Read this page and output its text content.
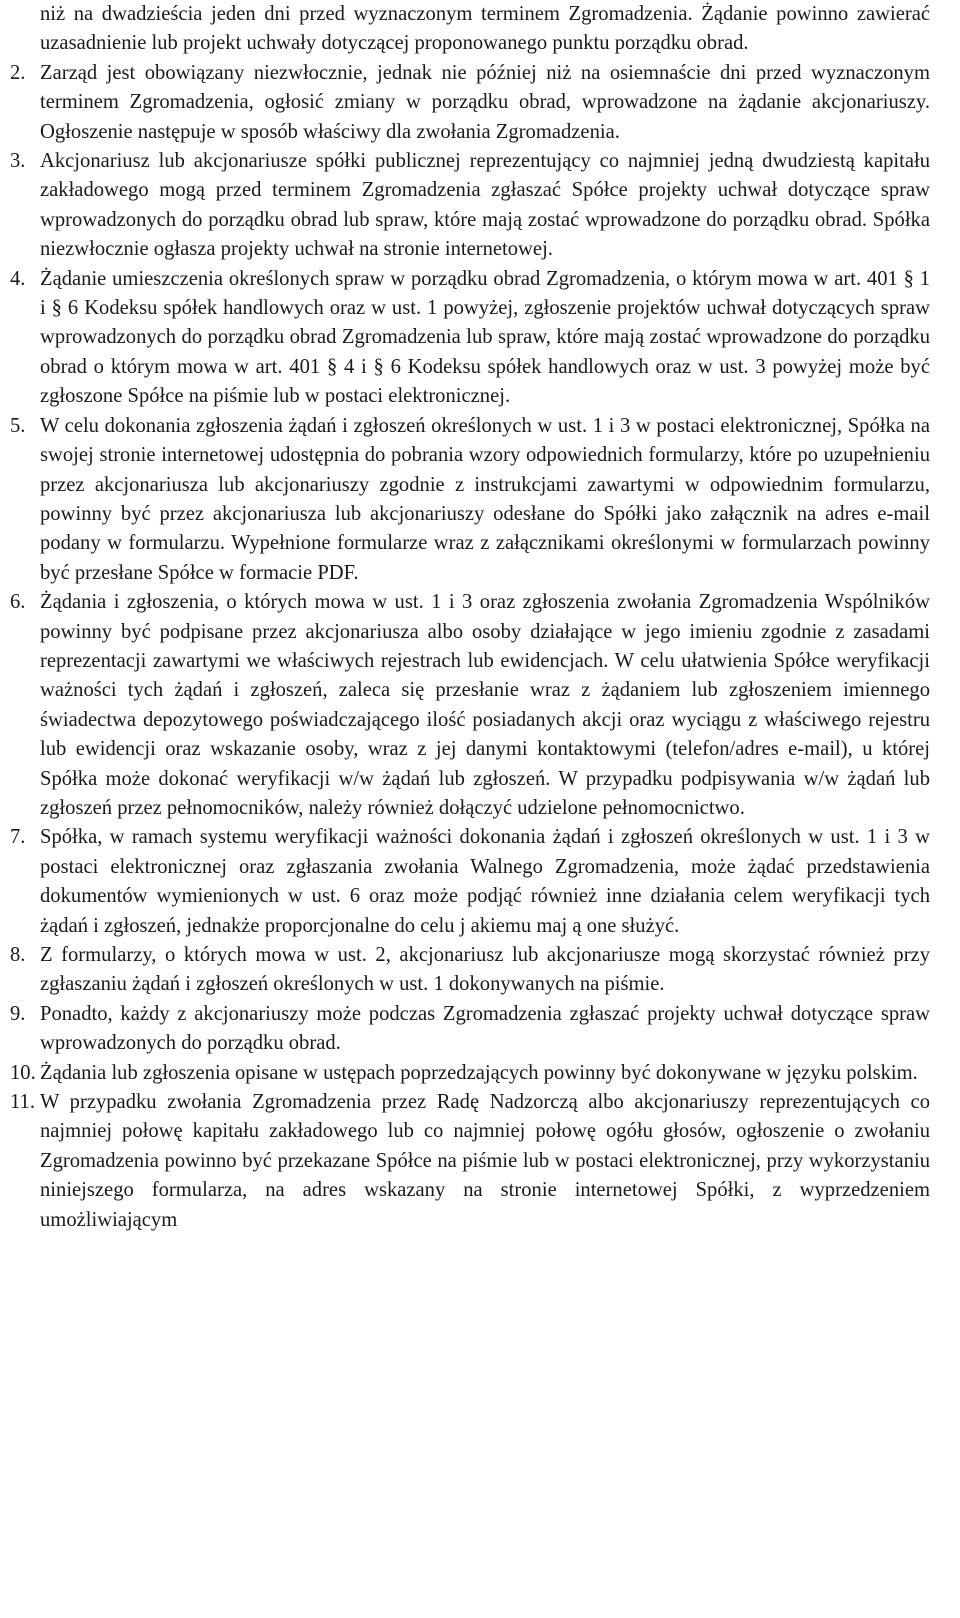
niż na dwadzieścia jeden dni przed wyznaczonym terminem Zgromadzenia. Żądanie powinno zawierać uzasadnienie lub projekt uchwały dotyczącej proponowanego punktu porządku obrad.

2. Zarząd jest obowiązany niezwłocznie, jednak nie później niż na osiemnaście dni przed wyznaczonym terminem Zgromadzenia, ogłosić zmiany w porządku obrad, wprowadzone na żądanie akcjonariuszy. Ogłoszenie następuje w sposób właściwy dla zwołania Zgromadzenia.
3. Akcjonariusz lub akcjonariusze spółki publicznej reprezentujący co najmniej jedną dwudziestą kapitału zakładowego mogą przed terminem Zgromadzenia zgłaszać Spółce projekty uchwał dotyczące spraw wprowadzonych do porządku obrad lub spraw, które mają zostać wprowadzone do porządku obrad. Spółka niezwłocznie ogłasza projekty uchwał na stronie internetowej.
4. Żądanie umieszczenia określonych spraw w porządku obrad Zgromadzenia, o którym mowa w art. 401 § 1 i § 6 Kodeksu spółek handlowych oraz w ust. 1 powyżej, zgłoszenie projektów uchwał dotyczących spraw wprowadzonych do porządku obrad Zgromadzenia lub spraw, które mają zostać wprowadzone do porządku obrad o którym mowa w art. 401 § 4 i § 6 Kodeksu spółek handlowych oraz w ust. 3 powyżej może być zgłoszone Spółce na piśmie lub w postaci elektronicznej.
5. W celu dokonania zgłoszenia żądań i zgłoszeń określonych w ust. 1 i 3 w postaci elektronicznej, Spółka na swojej stronie internetowej udostępnia do pobrania wzory odpowiednich formularzy, które po uzupełnieniu przez akcjonariusza lub akcjonariuszy zgodnie z instrukcjami zawartymi w odpowiednim formularzu, powinny być przez akcjonariusza lub akcjonariuszy odesłane do Spółki jako załącznik na adres e-mail podany w formularzu. Wypełnione formularze wraz z załącznikami określonymi w formularzach powinny być przesłane Spółce w formacie PDF.
6. Żądania i zgłoszenia, o których mowa w ust. 1 i 3 oraz zgłoszenia zwołania Zgromadzenia Wspólników powinny być podpisane przez akcjonariusza albo osoby działające w jego imieniu zgodnie z zasadami reprezentacji zawartymi we właściwych rejestrach lub ewidencjach. W celu ułatwienia Spółce weryfikacji ważności tych żądań i zgłoszeń, zaleca się przesłanie wraz z żądaniem lub zgłoszeniem imiennego świadectwa depozytowego poświadczającego ilość posiadanych akcji oraz wyciągu z właściwego rejestru lub ewidencji oraz wskazanie osoby, wraz z jej danymi kontaktowymi (telefon/adres e-mail), u której Spółka może dokonać weryfikacji w/w żądań lub zgłoszeń. W przypadku podpisywania w/w żądań lub zgłoszeń przez pełnomocników, należy również dołączyć udzielone pełnomocnictwo.
7. Spółka, w ramach systemu weryfikacji ważności dokonania żądań i zgłoszeń określonych w ust. 1 i 3 w postaci elektronicznej oraz zgłaszania zwołania Walnego Zgromadzenia, może żądać przedstawienia dokumentów wymienionych w ust. 6 oraz może podjąć również inne działania celem weryfikacji tych żądań i zgłoszeń, jednakże proporcjonalne do celu j akiemu maj ą one służyć.
8. Z formularzy, o których mowa w ust. 2, akcjonariusz lub akcjonariusze mogą skorzystać również przy zgłaszaniu żądań i zgłoszeń określonych w ust. 1 dokonywanych na piśmie.
9. Ponadto, każdy z akcjonariuszy może podczas Zgromadzenia zgłaszać projekty uchwał dotyczące spraw wprowadzonych do porządku obrad.
10. Żądania lub zgłoszenia opisane w ustępach poprzedzających powinny być dokonywane w języku polskim.
11. W przypadku zwołania Zgromadzenia przez Radę Nadzorczą albo akcjonariuszy reprezentujących co najmniej połowę kapitału zakładowego lub co najmniej połowę ogółu głosów, ogłoszenie o zwołaniu Zgromadzenia powinno być przekazane Spółce na piśmie lub w postaci elektronicznej, przy wykorzystaniu niniejszego formularza, na adres wskazany na stronie internetowej Spółki, z wyprzedzeniem umożliwiającym
